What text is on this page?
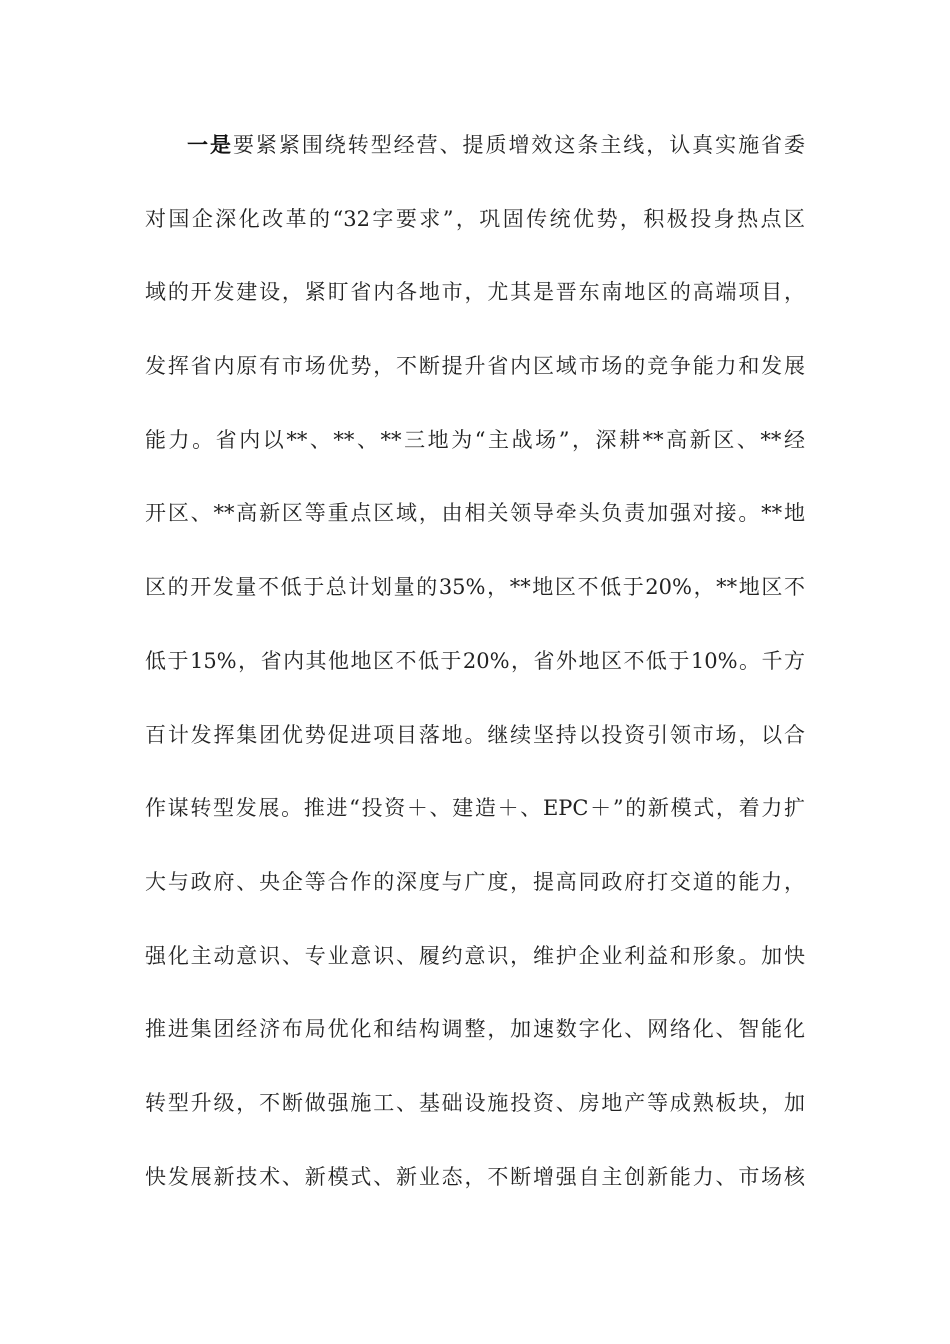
一是要紧紧围绕转型经营、提质增效这条主线，认真实施省委
对国企深化改革的“32字要求”，巩固传统优势，积极投身热点区
域的开发建设，紧盯省内各地市，尤其是晋东南地区的高端项目，
发挥省内原有市场优势，不断提升省内区域市场的竞争能力和发展
能力。省内以**、**、**三地为“主战场”，深耕**高新区、**经
开区、**高新区等重点区域，由相关领导牵头负责加强对接。**地
区的开发量不低于总计划量的35%，**地区不低于20%，**地区不
低于15%，省内其他地区不低于20%，省外地区不低于10%。千方
百计发挥集团优势促进项目落地。继续坚持以投资引领市场，以合
作谋转型发展。推进“投资＋、建造＋、EPC＋”的新模式，着力扩
大与政府、央企等合作的深度与广度，提高同政府打交道的能力，
强化主动意识、专业意识、履约意识，维护企业利益和形象。加快
推进集团经济布局优化和结构调整，加速数字化、网络化、智能化
转型升级，不断做强施工、基础设施投资、房地产等成熟板块，加
快发展新技术、新模式、新业态，不断增强自主创新能力、市场核
